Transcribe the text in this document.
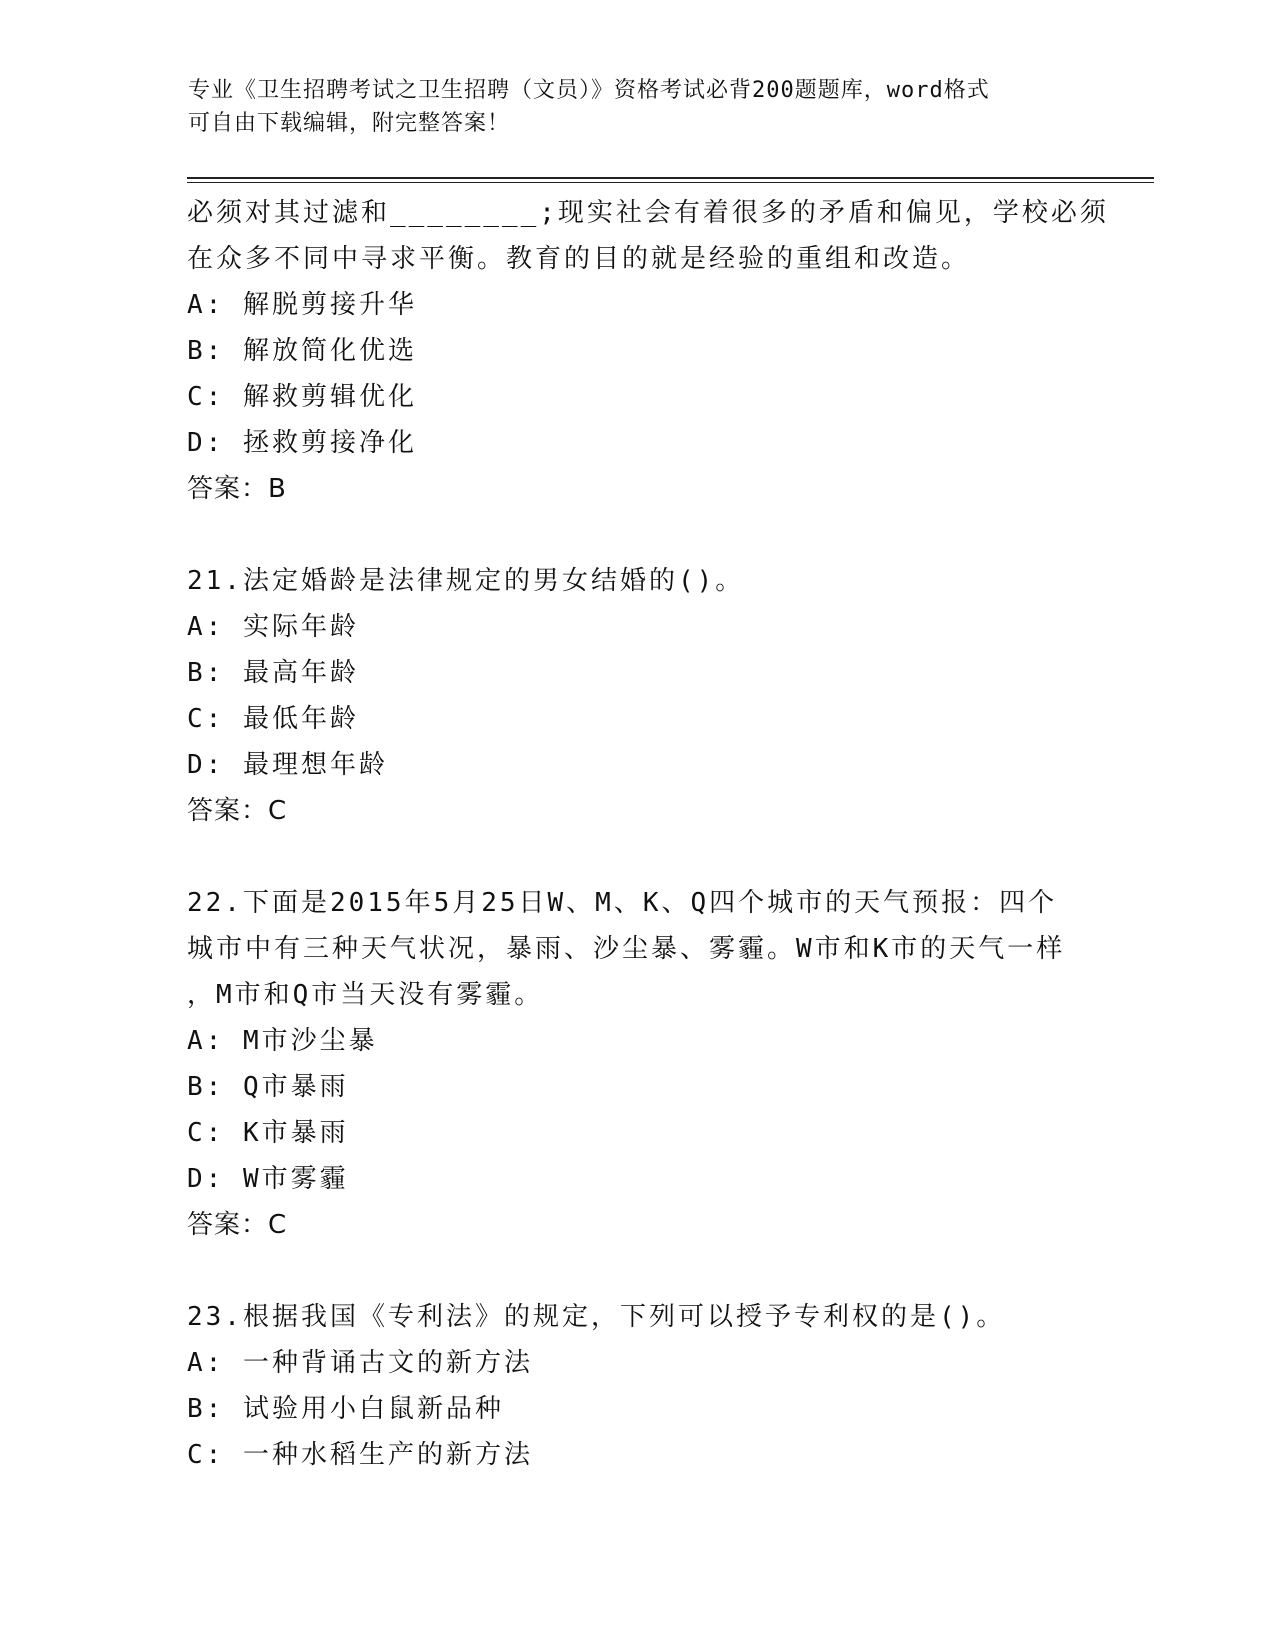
专业《卫生招聘考试之卫生招聘（文员）》资格考试必背200题题库，word格式
可自由下载编辑，附完整答案！
必须对其过滤和________;现实社会有着很多的矛盾和偏见，学校必须
在众多不同中寻求平衡。教育的目的就是经验的重组和改造。
A: 解脱剪接升华
B: 解放简化优选
C: 解救剪辑优化
D: 拯救剪接净化
答案：B
21.法定婚龄是法律规定的男女结婚的()。
A: 实际年龄
B: 最高年龄
C: 最低年龄
D: 最理想年龄
答案：C
22.下面是2015年5月25日W、M、K、Q四个城市的天气预报：四个
城市中有三种天气状况，暴雨、沙尘暴、雾霾。W市和K市的天气一样
，M市和Q市当天没有雾霾。
A: M市沙尘暴
B: Q市暴雨
C: K市暴雨
D: W市雾霾
答案：C
23.根据我国《专利法》的规定，下列可以授予专利权的是()。
A: 一种背诵古文的新方法
B: 试验用小白鼠新品种
C: 一种水稻生产的新方法
